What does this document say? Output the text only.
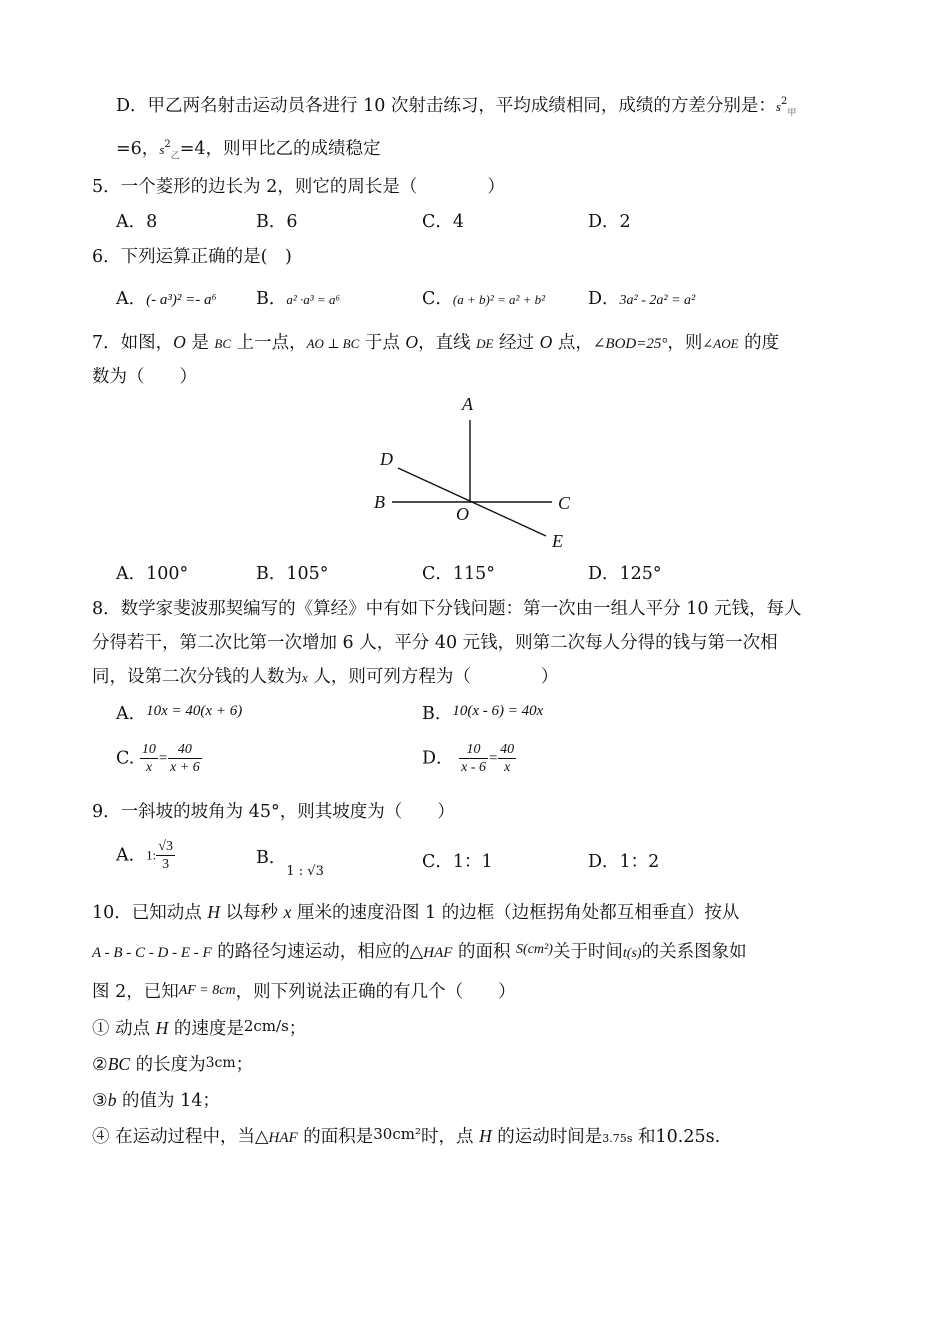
D．甲乙两名射击运动员各进行 10 次射击练习，平均成绩相同，成绩的方差分别是：$s^2_甲$
=6，$s^2_乙=4$，则甲比乙的成绩稳定
5．一个菱形的边长为 2，则它的周长是（　　　　）
A．8	B．6	C．4	D．2
6．下列运算正确的是(　)
A．(- a³)² =- a⁶ B．a² ·a³ = a⁶	C．(a + b)² = a² + b² D．3a² - 2a² = a²
7．如图，O 是 BC 上一点，AO ⊥ BC 于点 O，直线 DE 经过 O 点，∠BOD=25°，则∠AOE 的度
数为（　　）
A
D
B	C
O
E
A．100°	B．105°	C．115°	D．125°
8．数学家斐波那契编写的《算经》中有如下分钱问题：第一次由一组人平分 10 元钱，每人
分得若干，第二次比第一次增加 6 人，平分 40 元钱，则第二次每人分得的钱与第一次相
同，设第二次分钱的人数为x 人，则可列方程为（　　　　）
A．10x = 40(x + 6)	B．10(x - 6) = 40x
C. $\frac{10}{x} = \frac{40}{x + 6}$	D． $\frac{10}{x - 6} = \frac{40}{x}$
9．一斜坡的坡角为 45°，则其坡度为（　　）
A．1: $\frac{√3}{3}$	B．$_{1 : √3}$	C．1：1	D．1：2
10．已知动点 H 以每秒 x 厘米的速度沿图 1 的边框（边框拐角处都互相垂直）按从
A - B - C - D - E - F 的路径匀速运动，相应的△HAF 的面积 $^{S(cm^2)}$关于时间t(s)的关系图象如
图 2，已知AF = 8cm，则下列说法正确的有几个（　　）
① 动点 H 的速度是2cm/s；
②BC 的长度为3cm；
③b 的值为 14；
④ 在运动过程中，当△HAF 的面积是30cm²时，点 H 的运动时间是3.75s 和10.25s.
